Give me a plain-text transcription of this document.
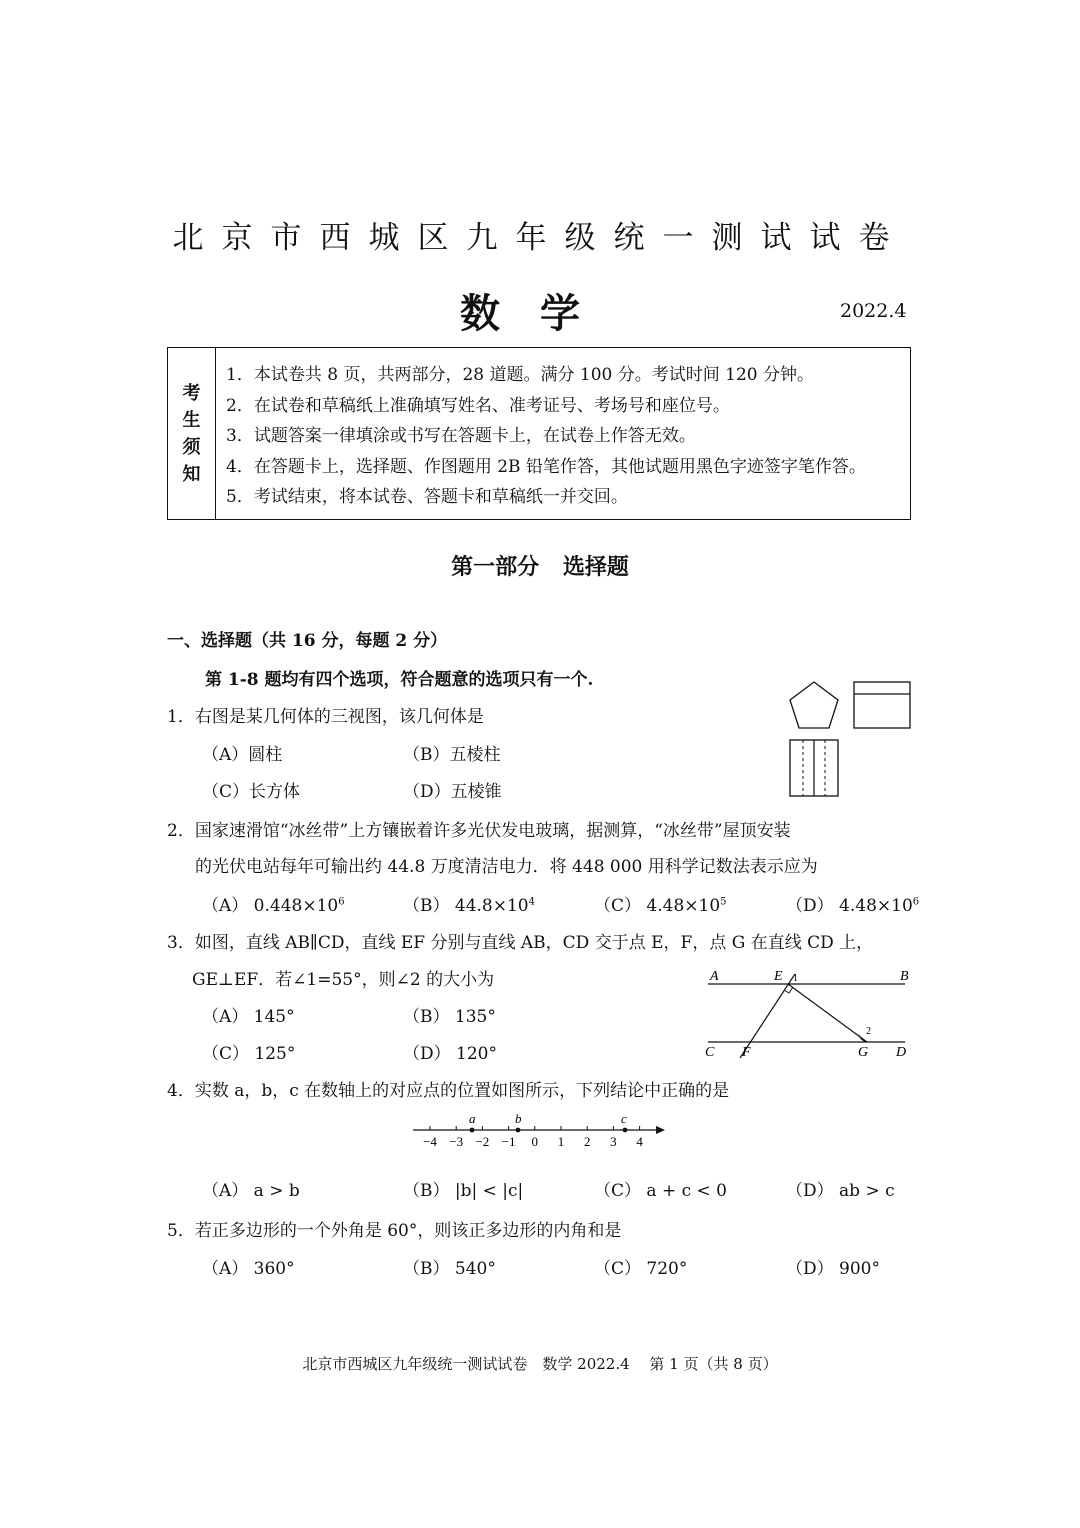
北京市西城区九年级统一测试试卷
数学	2022.4
考
生
须
知
1．本试卷共 8 页，共两部分，28 道题。满分 100 分。考试时间 120 分钟。
2．在试卷和草稿纸上准确填写姓名、准考证号、考场号和座位号。
3．试题答案一律填涂或书写在答题卡上，在试卷上作答无效。
4．在答题卡上，选择题、作图题用 2B 铅笔作答，其他试题用黑色字迹签字笔作答。
5．考试结束，将本试卷、答题卡和草稿纸一并交回。
第一部分 选择题
一、选择题（共 16 分，每题 2 分）
第 1-8 题均有四个选项，符合题意的选项只有一个.
1．右图是某几何体的三视图，该几何体是
（A）圆柱	（B）五棱柱
（C）长方体	（D）五棱锥
2．国家速滑馆“冰丝带”上方镶嵌着许多光伏发电玻璃，据测算，“冰丝带”屋顶安装
的光伏电站每年可输出约 44.8 万度清洁电力．将 448 000 用科学记数法表示应为
（A） $0.448\times 10^6$	（B） $44.8\times 10^4$	（C） $4.48\times 10^5$	（D） $4.48\times 10^6$
3．如图，直线 AB∥CD，直线 EF 分别与直线 AB，CD 交于点 E，F，点 G 在直线 CD 上，
GE⊥EF．若∠1=55°，则∠2 的大小为
（A） 145°	（B） 135°
（C） 125°	（D） 120°
A	E 1	B
2
C F	G D
4．实数 a，b，c 在数轴上的对应点的位置如图所示，下列结论中正确的是
−4 −3 −2 −1 0 1 2 3 4
a	b	c
（A） a > b	（B） |b| < |c|	（C） a + c < 0	（D） ab > c
5．若正多边形的一个外角是 60°，则该正多边形的内角和是
（A） 360°	（B） 540°	（C） 720°	（D） 900°
北京市西城区九年级统一测试试卷　数学 2022.4　 第 1 页（共 8 页）
